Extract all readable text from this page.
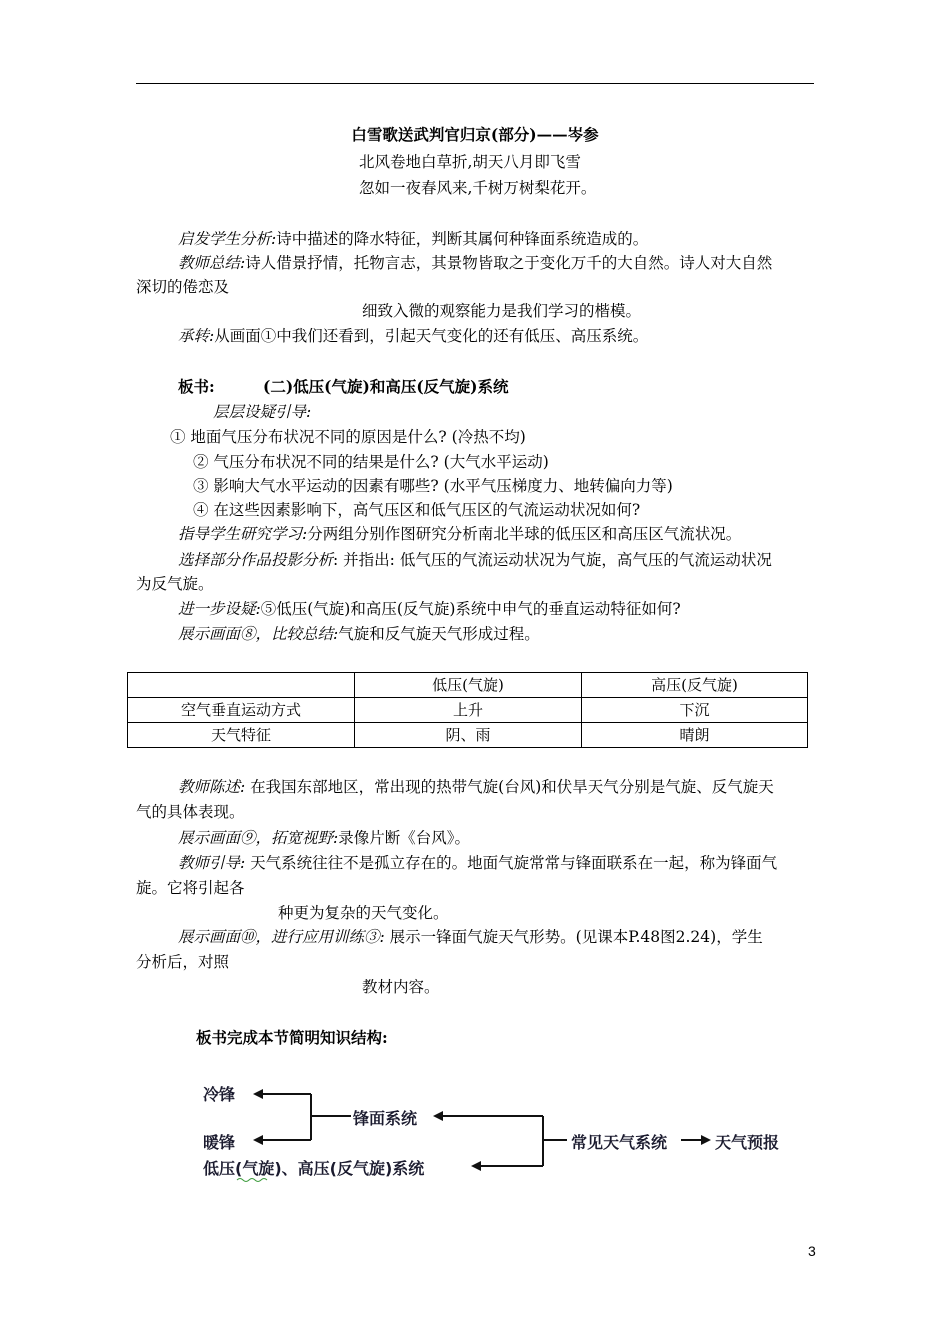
白雪歌送武判官归京(部分)——岑参
北风卷地白草折,胡天八月即飞雪
忽如一夜春风来,千树万树梨花开。
启发学生分析:诗中描述的降水特征，判断其属何种锋面系统造成的。
教师总结:诗人借景抒情，托物言志，其景物皆取之于变化万千的大自然。诗人对大自然
深切的倦恋及
细致入微的观察能力是我们学习的楷模。
承转:从画面①中我们还看到，引起天气变化的还有低压、高压系统。
板书:	(二)低压(气旋)和高压(反气旋)系统
层层设疑引导:
① 地面气压分布状况不同的原因是什么? (冷热不均)
② 气压分布状况不同的结果是什么? (大气水平运动)
③ 影响大气水平运动的因素有哪些? (水平气压梯度力、地转偏向力等)
④ 在这些因素影响下，高气压区和低气压区的气流运动状况如何?
指导学生研究学习:分两组分别作图研究分析南北半球的低压区和高压区气流状况。
选择部分作品投影分析: 并指出: 低气压的气流运动状况为气旋，高气压的气流运动状况
为反气旋。
进一步设疑:⑤低压(气旋)和高压(反气旋)系统中申气的垂直运动特征如何?
展示画面⑧，比较总结:气旋和反气旋天气形成过程。
	低压(气旋)	高压(反气旋)
空气垂直运动方式	上升	下沉
天气特征	阴、雨	晴朗
教师陈述: 在我国东部地区，常出现的热带气旋(台风)和伏旱天气分别是气旋、反气旋天
气的具体表现。
展示画面⑨，拓宽视野:录像片断《台风》。
教师引导: 天气系统往往不是孤立存在的。地面气旋常常与锋面联系在一起，称为锋面气
旋。它将引起各
种更为复杂的天气变化。
展示画面⑩，进行应用训练③: 展示一锋面气旋天气形势。(见课本P.48图2.24)，学生
分析后，对照
教材内容。
板书完成本节简明知识结构:
冷锋
暖锋
锋面系统
低压(气旋)、高压(反气旋)系统
常见天气系统	天气预报
3
